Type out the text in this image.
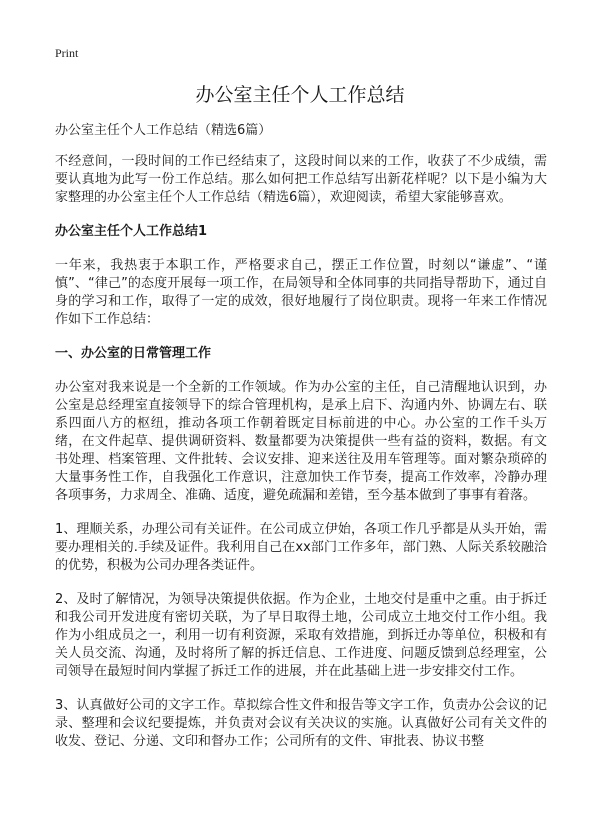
Print
办公室主任个人工作总结

办公室主任个人工作总结（精选6篇）

不经意间，一段时间的工作已经结束了，这段时间以来的工作，收获了不少成绩，需要认真地为此写一份工作总结。那么如何把工作总结写出新花样呢？以下是小编为大家整理的办公室主任个人工作总结（精选6篇），欢迎阅读，希望大家能够喜欢。

办公室主任个人工作总结1

一年来，我热衷于本职工作，严格要求自己，摆正工作位置，时刻以“谦虚”、“谨慎”、“律己”的态度开展每一项工作，在局领导和全体同事的共同指导帮助下，通过自身的学习和工作，取得了一定的成效，很好地履行了岗位职责。现将一年来工作情况作如下工作总结：

一、办公室的日常管理工作

办公室对我来说是一个全新的工作领域。作为办公室的主任，自己清醒地认识到，办公室是总经理室直接领导下的综合管理机构，是承上启下、沟通内外、协调左右、联系四面八方的枢纽，推动各项工作朝着既定目标前进的中心。办公室的工作千头万绪，在文件起草、提供调研资料、数量都要为决策提供一些有益的资料，数据。有文书处理、档案管理、文件批转、会议安排、迎来送往及用车管理等。面对繁杂琐碎的大量事务性工作，自我强化工作意识，注意加快工作节奏，提高工作效率，冷静办理各项事务，力求周全、准确、适度，避免疏漏和差错，至今基本做到了事事有着落。

1、理顺关系，办理公司有关证件。在公司成立伊始，各项工作几乎都是从头开始，需要办理相关的.手续及证件。我利用自己在xx部门工作多年，部门熟、人际关系较融洽的优势，积极为公司办理各类证件。

2、及时了解情况，为领导决策提供依据。作为企业，土地交付是重中之重。由于拆迁和我公司开发进度有密切关联，为了早日取得土地，公司成立土地交付工作小组。我作为小组成员之一，利用一切有利资源，采取有效措施，到拆迁办等单位，积极和有关人员交流、沟通，及时将所了解的拆迁信息、工作进度、问题反馈到总经理室，公司领导在最短时间内掌握了拆迁工作的进展，并在此基础上进一步安排交付工作。

3、认真做好公司的文字工作。草拟综合性文件和报告等文字工作，负责办公会议的记录、整理和会议纪要提炼，并负责对会议有关决议的实施。认真做好公司有关文件的收发、登记、分递、文印和督办工作；公司所有的文件、审批表、协议书整
